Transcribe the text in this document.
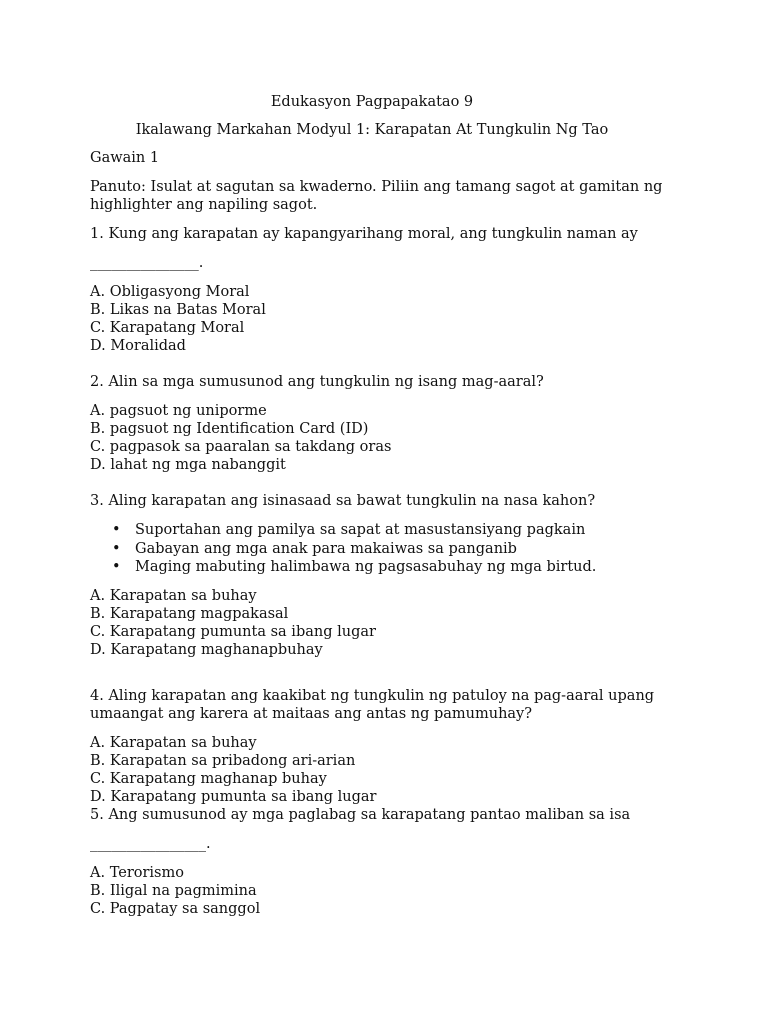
Edukasyon Pagpapakatao 9
Ikalawang Markahan Modyul 1: Karapatan At Tungkulin Ng Tao
Gawain 1
Panuto: Isulat at sagutan sa kwaderno. Piliin ang tamang sagot at gamitan ng
highlighter ang napiling sagot.
1. Kung ang karapatan ay kapangyarihang moral, ang tungkulin naman ay
_______________.
A. Obligasyong Moral
B. Likas na Batas Moral
C. Karapatang Moral
D. Moralidad
2. Alin sa mga sumusunod ang tungkulin ng isang mag-aaral?
A. pagsuot ng uniporme
B. pagsuot ng Identification Card (ID)
C. pagpasok sa paaralan sa takdang oras
D. lahat ng mga nabanggit
3. Aling karapatan ang isinasaad sa bawat tungkulin na nasa kahon?
• Suportahan ang pamilya sa sapat at masustansiyang pagkain
• Gabayan ang mga anak para makaiwas sa panganib
• Maging mabuting halimbawa ng pagsasabuhay ng mga birtud.
A. Karapatan sa buhay
B. Karapatang magpakasal
C. Karapatang pumunta sa ibang lugar
D. Karapatang maghanapbuhay
4. Aling karapatan ang kaakibat ng tungkulin ng patuloy na pag-aaral upang
umaangat ang karera at maitaas ang antas ng pamumuhay?
A. Karapatan sa buhay
B. Karapatan sa pribadong ari-arian
C. Karapatang maghanap buhay
D. Karapatang pumunta sa ibang lugar
5. Ang sumusunod ay mga paglabag sa karapatang pantao maliban sa isa
________________.
A. Terorismo
B. Iligal na pagmimina
C. Pagpatay sa sanggol
